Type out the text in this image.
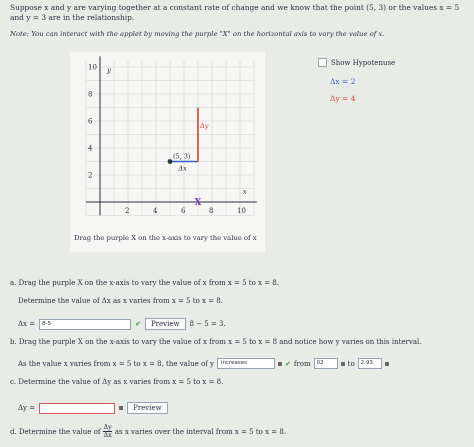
Suppose x and y are varying together at a constant rate of change and we know that the point (5, 3) or the values x = 5 and y = 3 are in the relationship.
Note: You can interact with the applet by moving the purple "X" on the horizontal axis to vary the value of x.
x
y
2	4	6	8	10
10
8
6
4
2
(5, 3)
Δx
Δy
X
Drag the purple X on the x-axis to vary the value of x
Show Hypotenuse
Δx = 2
Δy = 4
a. Drag the purple X on the x-axis to vary the value of x from x = 5 to x = 8.
Determine the value of Δx as x varies from x = 5 to x = 8.
Δx =	8-5	✔	Preview	8 − 5 = 3.
b. Drag the purple X on the x-axis to vary the value of x from x = 5 to x = 8 and notice how y varies on this interval.
As the value x varies from x = 5 to x = 8, the value of y	increases	✔ from	02	to	2.93
c. Determine the value of Δy as x varies from x = 5 to x = 8.
Δy =	Preview
d. Determine the value of $\frac{\Delta y}{\Delta x}$ as x varies over the interval from x = 5 to x = 8.
